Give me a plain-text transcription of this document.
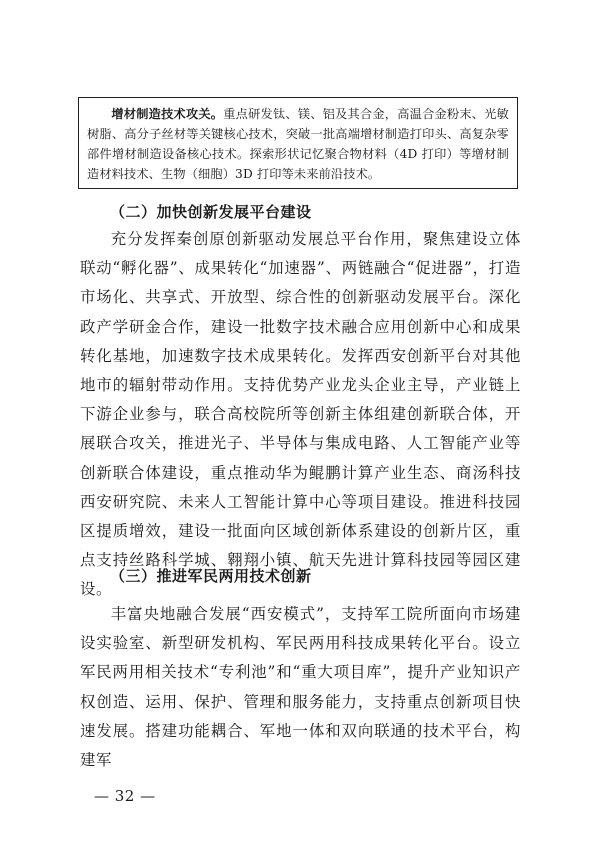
增材制造技术攻关。重点研发钛、镁、铝及其合金，高温合金粉末、光敏树脂、高分子丝材等关键核心技术，突破一批高端增材制造打印头、高复杂零部件增材制造设备核心技术。探索形状记忆聚合物材料（4D 打印）等增材制造材料技术、生物（细胞）3D 打印等未来前沿技术。
（二）加快创新发展平台建设

充分发挥秦创原创新驱动发展总平台作用，聚焦建设立体联动“孵化器”、成果转化“加速器”、两链融合“促进器”，打造市场化、共享式、开放型、综合性的创新驱动发展平台。深化政产学研金合作，建设一批数字技术融合应用创新中心和成果转化基地，加速数字技术成果转化。发挥西安创新平台对其他地市的辐射带动作用。支持优势产业龙头企业主导，产业链上下游企业参与，联合高校院所等创新主体组建创新联合体，开展联合攻关，推进光子、半导体与集成电路、人工智能产业等创新联合体建设，重点推动华为鲲鹏计算产业生态、商汤科技西安研究院、未来人工智能计算中心等项目建设。推进科技园区提质增效，建设一批面向区域创新体系建设的创新片区，重点支持丝路科学城、翱翔小镇、航天先进计算科技园等园区建设。

（三）推进军民两用技术创新

丰富央地融合发展“西安模式”，支持军工院所面向市场建设实验室、新型研发机构、军民两用科技成果转化平台。设立军民两用相关技术“专利池”和“重大项目库”，提升产业知识产权创造、运用、保护、管理和服务能力，支持重点创新项目快速发展。搭建功能耦合、军地一体和双向联通的技术平台，构建军

— 32 —
